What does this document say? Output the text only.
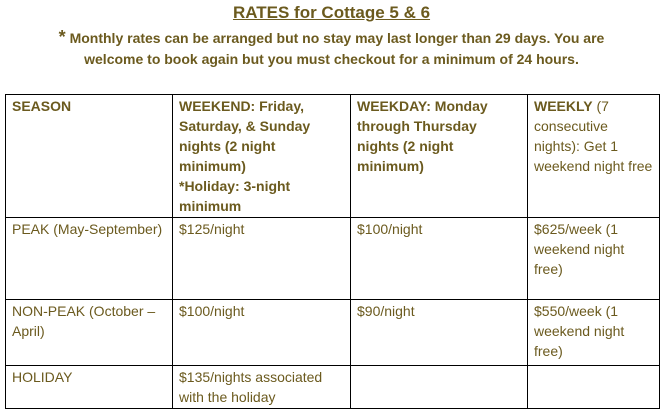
RATES for Cottage 5 & 6
* Monthly rates can be arranged but no stay may last longer than 29 days. You are
welcome to book again but you must checkout for a minimum of 24 hours.
SEASON	WEEKEND: Friday, Saturday, & Sunday nights (2 night minimum)
*Holiday: 3-night minimum	WEEKDAY: Monday through Thursday nights (2 night minimum)	WEEKLY (7 consecutive nights): Get 1 weekend night free
PEAK (May-September)	$125/night	$100/night	$625/week (1 weekend night free)
NON-PEAK (October – April)	$100/night	$90/night	$550/week (1 weekend night free)
HOLIDAY	$135/nights associated with the holiday		
